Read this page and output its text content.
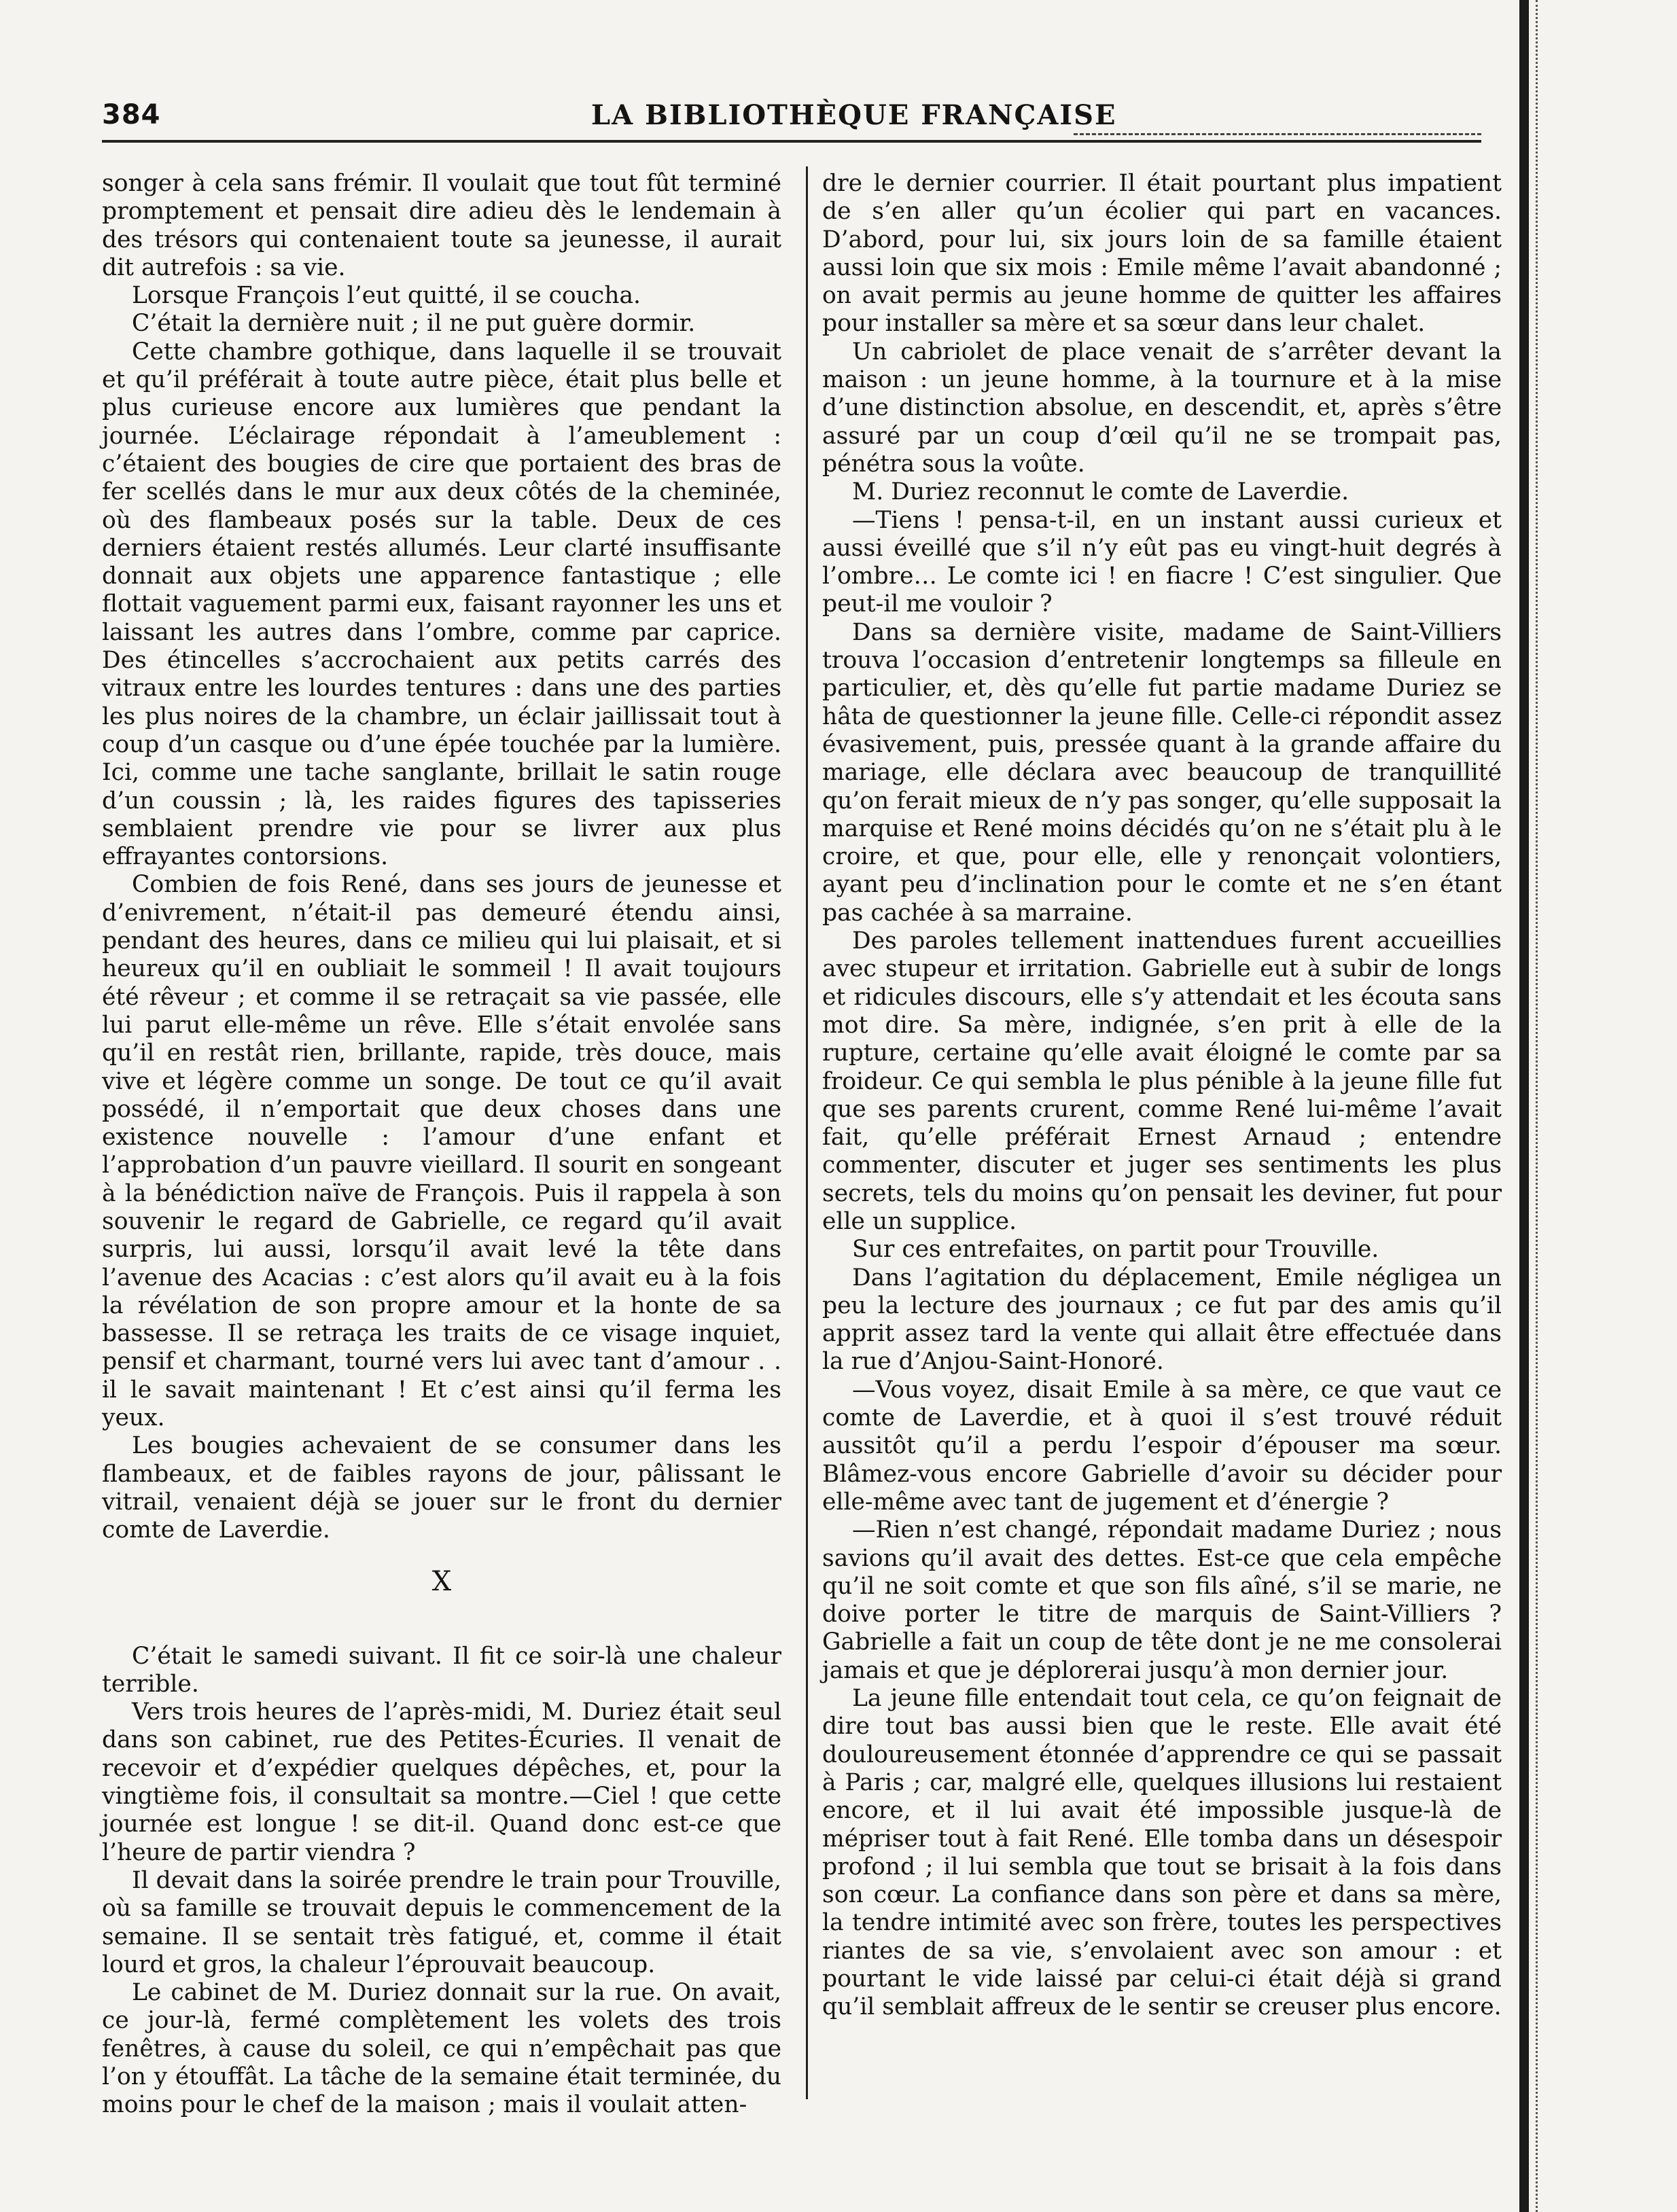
384	LA BIBLIOTHÈQUE FRANÇAISE

songer à cela sans frémir. Il voulait que tout fût terminé promptement et pensait dire adieu dès le lendemain à des trésors qui contenaient toute sa jeunesse, il aurait dit autrefois : sa vie.

Lorsque François l’eut quitté, il se coucha.

C’était la dernière nuit ; il ne put guère dormir.

Cette chambre gothique, dans laquelle il se trouvait et qu’il préférait à toute autre pièce, était plus belle et plus curieuse encore aux lumières que pendant la journée. L’éclairage répondait à l’ameublement : c’étaient des bougies de cire que portaient des bras de fer scellés dans le mur aux deux côtés de la cheminée, où des flambeaux posés sur la table. Deux de ces derniers étaient restés allumés. Leur clarté insuffisante donnait aux objets une apparence fantastique ; elle flottait vaguement parmi eux, faisant rayonner les uns et laissant les autres dans l’ombre, comme par caprice. Des étincelles s’accrochaient aux petits carrés des vitraux entre les lourdes tentures : dans une des parties les plus noires de la chambre, un éclair jaillissait tout à coup d’un casque ou d’une épée touchée par la lumière. Ici, comme une tache sanglante, brillait le satin rouge d’un coussin ; là, les raides figures des tapisseries semblaient prendre vie pour se livrer aux plus effrayantes contorsions.

Combien de fois René, dans ses jours de jeunesse et d’enivrement, n’était-il pas demeuré étendu ainsi, pendant des heures, dans ce milieu qui lui plaisait, et si heureux qu’il en oubliait le sommeil ! Il avait toujours été rêveur ; et comme il se retraçait sa vie passée, elle lui parut elle-même un rêve. Elle s’était envolée sans qu’il en restât rien, brillante, rapide, très douce, mais vive et légère comme un songe. De tout ce qu’il avait possédé, il n’emportait que deux choses dans une existence nouvelle : l’amour d’une enfant et l’approbation d’un pauvre vieillard. Il sourit en songeant à la bénédiction naïve de François. Puis il rappela à son souvenir le regard de Gabrielle, ce regard qu’il avait surpris, lui aussi, lorsqu’il avait levé la tête dans l’avenue des Acacias : c’est alors qu’il avait eu à la fois la révélation de son propre amour et la honte de sa bassesse. Il se retraça les traits de ce visage inquiet, pensif et charmant, tourné vers lui avec tant d’amour . . il le savait maintenant ! Et c’est ainsi qu’il ferma les yeux.

Les bougies achevaient de se consumer dans les flambeaux, et de faibles rayons de jour, pâlissant le vitrail, venaient déjà se jouer sur le front du dernier comte de Laverdie.

X

C’était le samedi suivant. Il fit ce soir-là une chaleur terrible.

Vers trois heures de l’après-midi, M. Duriez était seul dans son cabinet, rue des Petites-Écuries. Il venait de recevoir et d’expédier quelques dépêches, et, pour la vingtième fois, il consultait sa montre.—Ciel ! que cette journée est longue ! se dit-il. Quand donc est-ce que l’heure de partir viendra ?

Il devait dans la soirée prendre le train pour Trouville, où sa famille se trouvait depuis le commencement de la semaine. Il se sentait très fatigué, et, comme il était lourd et gros, la chaleur l’éprouvait beaucoup.

Le cabinet de M. Duriez donnait sur la rue. On avait, ce jour-là, fermé complètement les volets des trois fenêtres, à cause du soleil, ce qui n’empêchait pas que l’on y étouffât. La tâche de la semaine était terminée, du moins pour le chef de la maison ; mais il voulait atten-

dre le dernier courrier. Il était pourtant plus impatient de s’en aller qu’un écolier qui part en vacances. D’abord, pour lui, six jours loin de sa famille étaient aussi loin que six mois : Emile même l’avait abandonné ; on avait permis au jeune homme de quitter les affaires pour installer sa mère et sa sœur dans leur chalet.

Un cabriolet de place venait de s’arrêter devant la maison : un jeune homme, à la tournure et à la mise d’une distinction absolue, en descendit, et, après s’être assuré par un coup d’œil qu’il ne se trompait pas, pénétra sous la voûte.

M. Duriez reconnut le comte de Laverdie.

—Tiens ! pensa-t-il, en un instant aussi curieux et aussi éveillé que s’il n’y eût pas eu vingt-huit degrés à l’ombre… Le comte ici ! en fiacre ! C’est singulier. Que peut-il me vouloir ?

Dans sa dernière visite, madame de Saint-Villiers trouva l’occasion d’entretenir longtemps sa filleule en particulier, et, dès qu’elle fut partie madame Duriez se hâta de questionner la jeune fille. Celle-ci répondit assez évasivement, puis, pressée quant à la grande affaire du mariage, elle déclara avec beaucoup de tranquillité qu’on ferait mieux de n’y pas songer, qu’elle supposait la marquise et René moins décidés qu’on ne s’était plu à le croire, et que, pour elle, elle y renonçait volontiers, ayant peu d’inclination pour le comte et ne s’en étant pas cachée à sa marraine.

Des paroles tellement inattendues furent accueillies avec stupeur et irritation. Gabrielle eut à subir de longs et ridicules discours, elle s’y attendait et les écouta sans mot dire. Sa mère, indignée, s’en prit à elle de la rupture, certaine qu’elle avait éloigné le comte par sa froideur. Ce qui sembla le plus pénible à la jeune fille fut que ses parents crurent, comme René lui-même l’avait fait, qu’elle préférait Ernest Arnaud ; entendre commenter, discuter et juger ses sentiments les plus secrets, tels du moins qu’on pensait les deviner, fut pour elle un supplice.

Sur ces entrefaites, on partit pour Trouville.

Dans l’agitation du déplacement, Emile négligea un peu la lecture des journaux ; ce fut par des amis qu’il apprit assez tard la vente qui allait être effectuée dans la rue d’Anjou-Saint-Honoré.

—Vous voyez, disait Emile à sa mère, ce que vaut ce comte de Laverdie, et à quoi il s’est trouvé réduit aussitôt qu’il a perdu l’espoir d’épouser ma sœur. Blâmez-vous encore Gabrielle d’avoir su décider pour elle-même avec tant de jugement et d’énergie ?

—Rien n’est changé, répondait madame Duriez ; nous savions qu’il avait des dettes. Est-ce que cela empêche qu’il ne soit comte et que son fils aîné, s’il se marie, ne doive porter le titre de marquis de Saint-Villiers ? Gabrielle a fait un coup de tête dont je ne me consolerai jamais et que je déplorerai jusqu’à mon dernier jour.

La jeune fille entendait tout cela, ce qu’on feignait de dire tout bas aussi bien que le reste. Elle avait été douloureusement étonnée d’apprendre ce qui se passait à Paris ; car, malgré elle, quelques illusions lui restaient encore, et il lui avait été impossible jusque-là de mépriser tout à fait René. Elle tomba dans un désespoir profond ; il lui sembla que tout se brisait à la fois dans son cœur. La confiance dans son père et dans sa mère, la tendre intimité avec son frère, toutes les perspectives riantes de sa vie, s’envolaient avec son amour : et pourtant le vide laissé par celui-ci était déjà si grand qu’il semblait affreux de le sentir se creuser plus encore.
